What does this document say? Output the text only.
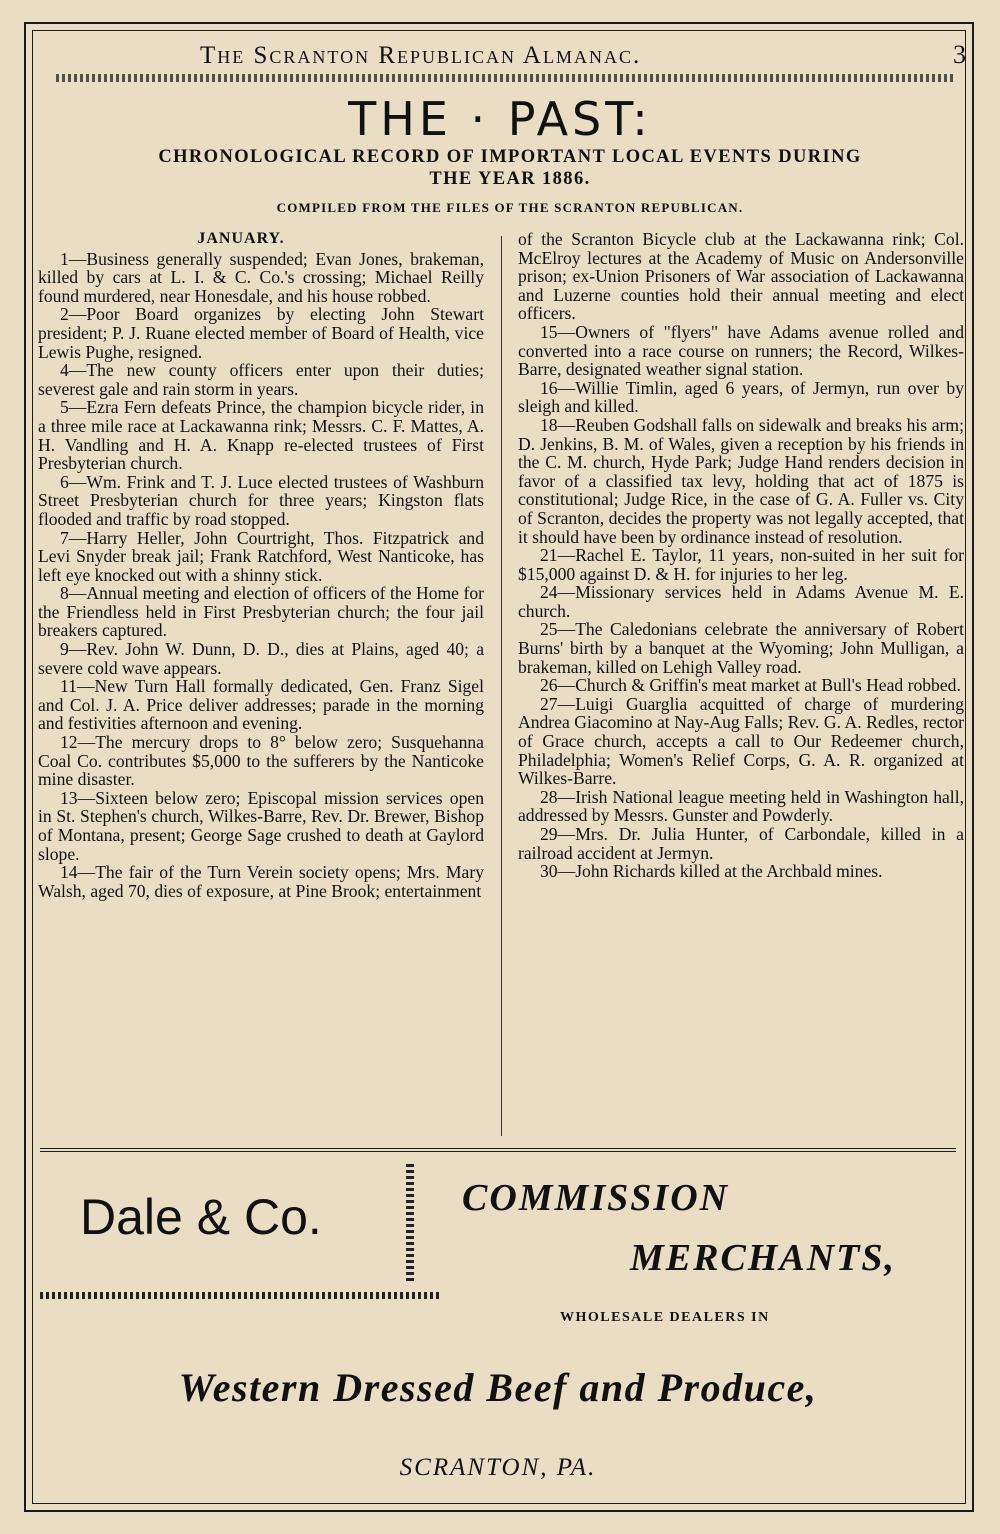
The Scranton Republican Almanac.	3
THE · PAST:
CHRONOLOGICAL RECORD OF IMPORTANT LOCAL EVENTS DURING
THE YEAR 1886.
COMPILED FROM THE FILES OF THE SCRANTON REPUBLICAN.
JANUARY.

1—Business generally suspended; Evan Jones, brakeman, killed by cars at L. I. & C. Co.'s crossing; Michael Reilly found murdered, near Honesdale, and his house robbed.

2—Poor Board organizes by electing John Stewart president; P. J. Ruane elected member of Board of Health, vice Lewis Pughe, resigned.

4—The new county officers enter upon their duties; severest gale and rain storm in years.

5—Ezra Fern defeats Prince, the champion bicycle rider, in a three mile race at Lackawanna rink; Messrs. C. F. Mattes, A. H. Vandling and H. A. Knapp re-elected trustees of First Presbyterian church.

6—Wm. Frink and T. J. Luce elected trustees of Washburn Street Presbyterian church for three years; Kingston flats flooded and traffic by road stopped.

7—Harry Heller, John Courtright, Thos. Fitzpatrick and Levi Snyder break jail; Frank Ratchford, West Nanticoke, has left eye knocked out with a shinny stick.

8—Annual meeting and election of officers of the Home for the Friendless held in First Presbyterian church; the four jail breakers captured.

9—Rev. John W. Dunn, D. D., dies at Plains, aged 40; a severe cold wave appears.

11—New Turn Hall formally dedicated, Gen. Franz Sigel and Col. J. A. Price deliver addresses; parade in the morning and festivities afternoon and evening.

12—The mercury drops to 8° below zero; Susquehanna Coal Co. contributes $5,000 to the sufferers by the Nanticoke mine disaster.

13—Sixteen below zero; Episcopal mission services open in St. Stephen's church, Wilkes-Barre, Rev. Dr. Brewer, Bishop of Montana, present; George Sage crushed to death at Gaylord slope.

14—The fair of the Turn Verein society opens; Mrs. Mary Walsh, aged 70, dies of exposure, at Pine Brook; entertainment

of the Scranton Bicycle club at the Lackawanna rink; Col. McElroy lectures at the Academy of Music on Andersonville prison; ex-Union Prisoners of War association of Lackawanna and Luzerne counties hold their annual meeting and elect officers.

15—Owners of "flyers" have Adams avenue rolled and converted into a race course on runners; the Record, Wilkes-Barre, designated weather signal station.

16—Willie Timlin, aged 6 years, of Jermyn, run over by sleigh and killed.

18—Reuben Godshall falls on sidewalk and breaks his arm; D. Jenkins, B. M. of Wales, given a reception by his friends in the C. M. church, Hyde Park; Judge Hand renders decision in favor of a classified tax levy, holding that act of 1875 is constitutional; Judge Rice, in the case of G. A. Fuller vs. City of Scranton, decides the property was not legally accepted, that it should have been by ordinance instead of resolution.

21—Rachel E. Taylor, 11 years, non-suited in her suit for $15,000 against D. & H. for injuries to her leg.

24—Missionary services held in Adams Avenue M. E. church.

25—The Caledonians celebrate the anniversary of Robert Burns' birth by a banquet at the Wyoming; John Mulligan, a brakeman, killed on Lehigh Valley road.

26—Church & Griffin's meat market at Bull's Head robbed.

27—Luigi Guarglia acquitted of charge of murdering Andrea Giacomino at Nay-Aug Falls; Rev. G. A. Redles, rector of Grace church, accepts a call to Our Redeemer church, Philadelphia; Women's Relief Corps, G. A. R. organized at Wilkes-Barre.

28—Irish National league meeting held in Washington hall, addressed by Messrs. Gunster and Powderly.

29—Mrs. Dr. Julia Hunter, of Carbondale, killed in a railroad accident at Jermyn.

30—John Richards killed at the Archbald mines.

Dale & Co.	COMMISSION
MERCHANTS,
WHOLESALE DEALERS IN
Western Dressed Beef and Produce,
SCRANTON, PA.
